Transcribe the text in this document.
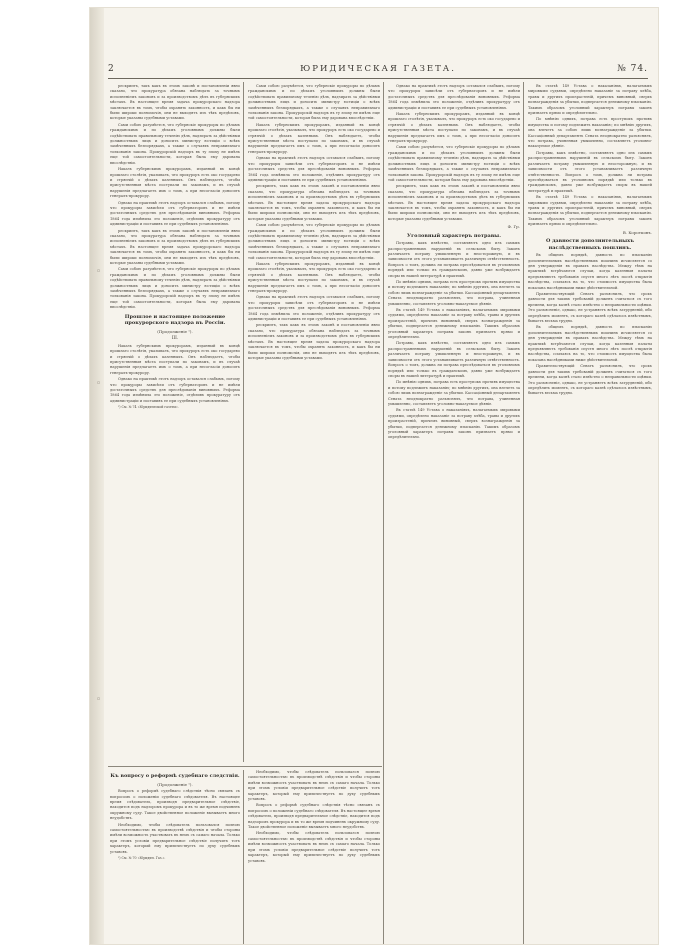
2	ЮРИДИЧЕСКАЯ ГАЗЕТА.	№ 74.

рескриптъ, такъ какъ въ этомъ законѣ и постановленіи явно сказано, что прокуратура обязана наблюдать за точнымъ исполненіемъ законовъ и за производствомъ дѣлъ въ губернскихъ мѣстахъ. Въ настоящее время задача прокурорскаго надзора заключается въ томъ, чтобы охранять законность, и какъ бы ни были широки полномочія, они не выходятъ изъ тѣхъ предѣловъ, которые указаны судебными уставами.

Сами собою разумѣется, что губернскіе прокуроры по дѣламъ гражданскимъ и по дѣламъ уголовнымъ должны были содѣйствовать правильному теченію дѣлъ, надзирать за дѣйствіями должностныхъ лицъ и доносить министру юстиціи о всѣхъ замѣченныхъ безпорядкахъ, а также о случаяхъ неправильнаго толкованія закона. Прокурорскій надзоръ въ ту эпоху не имѣлъ еще той самостоятельности, которая была ему дарована впослѣдствіи.

Наказъ губернскимъ прокурорамъ, изданный въ концѣ прошлаго столѣтія, указывалъ, что прокуроръ есть око государево и стряпчій о дѣлахъ казенныхъ. Онъ наблюдаетъ, чтобы присутственныя мѣста поступали по законамъ, и въ случаѣ нарушенія предлагаетъ имъ о томъ, а при несогласіи доноситъ генералъ-прокурору.

Однако на практикѣ этотъ надзоръ оставался слабымъ, потому что прокуроры зависѣли отъ губернаторовъ и не имѣли достаточныхъ средствъ для преслѣдованія виновныхъ. Реформа 1864 года измѣнила это положеніе, отдѣливъ прокуратуру отъ администраціи и поставивъ ее при судебныхъ установленіяхъ.

рескриптъ, такъ какъ въ этомъ законѣ и постановленіи явно сказано, что прокуратура обязана наблюдать за точнымъ исполненіемъ законовъ и за производствомъ дѣлъ въ губернскихъ мѣстахъ. Въ настоящее время задача прокурорскаго надзора заключается въ томъ, чтобы охранять законность, и какъ бы ни были широки полномочія, они не выходятъ изъ тѣхъ предѣловъ, которые указаны судебными уставами.

Сами собою разумѣется, что губернскіе прокуроры по дѣламъ гражданскимъ и по дѣламъ уголовнымъ должны были содѣйствовать правильному теченію дѣлъ, надзирать за дѣйствіями должностныхъ лицъ и доносить министру юстиціи о всѣхъ замѣченныхъ безпорядкахъ, а также о случаяхъ неправильнаго толкованія закона. Прокурорскій надзоръ въ ту эпоху не имѣлъ еще той самостоятельности, которая была ему дарована впослѣдствіи.

Прошлое и настоящее положение прокурорского надзора въ Россіи.
(Продолженіе ¹).
III.

Наказъ губернскимъ прокурорамъ, изданный въ концѣ прошлаго столѣтія, указывалъ, что прокуроръ есть око государево и стряпчій о дѣлахъ казенныхъ. Онъ наблюдаетъ, чтобы присутственныя мѣста поступали по законамъ, и въ случаѣ нарушенія предлагаетъ имъ о томъ, а при несогласіи доноситъ генералъ-прокурору.

Однако на практикѣ этотъ надзоръ оставался слабымъ, потому что прокуроры зависѣли отъ губернаторовъ и не имѣли достаточныхъ средствъ для преслѣдованія виновныхъ. Реформа 1864 года измѣнила это положеніе, отдѣливъ прокуратуру отъ администраціи и поставивъ ее при судебныхъ установленіяхъ.

¹) См. № 74 «Юридической газеты».

Сами собою разумѣется, что губернскіе прокуроры по дѣламъ гражданскимъ и по дѣламъ уголовнымъ должны были содѣйствовать правильному теченію дѣлъ, надзирать за дѣйствіями должностныхъ лицъ и доносить министру юстиціи о всѣхъ замѣченныхъ безпорядкахъ, а также о случаяхъ неправильнаго толкованія закона. Прокурорскій надзоръ въ ту эпоху не имѣлъ еще той самостоятельности, которая была ему дарована впослѣдствіи.

Наказъ губернскимъ прокурорамъ, изданный въ концѣ прошлаго столѣтія, указывалъ, что прокуроръ есть око государево и стряпчій о дѣлахъ казенныхъ. Онъ наблюдаетъ, чтобы присутственныя мѣста поступали по законамъ, и въ случаѣ нарушенія предлагаетъ имъ о томъ, а при несогласіи доноситъ генералъ-прокурору.

Однако на практикѣ этотъ надзоръ оставался слабымъ, потому что прокуроры зависѣли отъ губернаторовъ и не имѣли достаточныхъ средствъ для преслѣдованія виновныхъ. Реформа 1864 года измѣнила это положеніе, отдѣливъ прокуратуру отъ администраціи и поставивъ ее при судебныхъ установленіяхъ.

рескриптъ, такъ какъ въ этомъ законѣ и постановленіи явно сказано, что прокуратура обязана наблюдать за точнымъ исполненіемъ законовъ и за производствомъ дѣлъ въ губернскихъ мѣстахъ. Въ настоящее время задача прокурорскаго надзора заключается въ томъ, чтобы охранять законность, и какъ бы ни были широки полномочія, они не выходятъ изъ тѣхъ предѣловъ, которые указаны судебными уставами.

Сами собою разумѣется, что губернскіе прокуроры по дѣламъ гражданскимъ и по дѣламъ уголовнымъ должны были содѣйствовать правильному теченію дѣлъ, надзирать за дѣйствіями должностныхъ лицъ и доносить министру юстиціи о всѣхъ замѣченныхъ безпорядкахъ, а также о случаяхъ неправильнаго толкованія закона. Прокурорскій надзоръ въ ту эпоху не имѣлъ еще той самостоятельности, которая была ему дарована впослѣдствіи.

Наказъ губернскимъ прокурорамъ, изданный въ концѣ прошлаго столѣтія, указывалъ, что прокуроръ есть око государево и стряпчій о дѣлахъ казенныхъ. Онъ наблюдаетъ, чтобы присутственныя мѣста поступали по законамъ, и въ случаѣ нарушенія предлагаетъ имъ о томъ, а при несогласіи доноситъ генералъ-прокурору.

Однако на практикѣ этотъ надзоръ оставался слабымъ, потому что прокуроры зависѣли отъ губернаторовъ и не имѣли достаточныхъ средствъ для преслѣдованія виновныхъ. Реформа 1864 года измѣнила это положеніе, отдѣливъ прокуратуру отъ администраціи и поставивъ ее при судебныхъ установленіяхъ.

рескриптъ, такъ какъ въ этомъ законѣ и постановленіи явно сказано, что прокуратура обязана наблюдать за точнымъ исполненіемъ законовъ и за производствомъ дѣлъ въ губернскихъ мѣстахъ. Въ настоящее время задача прокурорскаго надзора заключается въ томъ, чтобы охранять законность, и какъ бы ни были широки полномочія, они не выходятъ изъ тѣхъ предѣловъ, которые указаны судебными уставами.

Однако на практикѣ этотъ надзоръ оставался слабымъ, потому что прокуроры зависѣли отъ губернаторовъ и не имѣли достаточныхъ средствъ для преслѣдованія виновныхъ. Реформа 1864 года измѣнила это положеніе, отдѣливъ прокуратуру отъ администраціи и поставивъ ее при судебныхъ установленіяхъ.

Наказъ губернскимъ прокурорамъ, изданный въ концѣ прошлаго столѣтія, указывалъ, что прокуроръ есть око государево и стряпчій о дѣлахъ казенныхъ. Онъ наблюдаетъ, чтобы присутственныя мѣста поступали по законамъ, и въ случаѣ нарушенія предлагаетъ имъ о томъ, а при несогласіи доноситъ генералъ-прокурору.

Сами собою разумѣется, что губернскіе прокуроры по дѣламъ гражданскимъ и по дѣламъ уголовнымъ должны были содѣйствовать правильному теченію дѣлъ, надзирать за дѣйствіями должностныхъ лицъ и доносить министру юстиціи о всѣхъ замѣченныхъ безпорядкахъ, а также о случаяхъ неправильнаго толкованія закона. Прокурорскій надзоръ въ ту эпоху не имѣлъ еще той самостоятельности, которая была ему дарована впослѣдствіи.

рескриптъ, такъ какъ въ этомъ законѣ и постановленіи явно сказано, что прокуратура обязана наблюдать за точнымъ исполненіемъ законовъ и за производствомъ дѣлъ въ губернскихъ мѣстахъ. Въ настоящее время задача прокурорскаго надзора заключается въ томъ, чтобы охранять законность, и какъ бы ни были широки полномочія, они не выходятъ изъ тѣхъ предѣловъ, которые указаны судебными уставами.

Ф. Гр.
Уголовный характеръ потравы.

Потравы, какъ извѣстно, составляютъ одно изъ самыхъ распространенныхъ нарушеній въ сельскомъ быту. Законъ различаетъ потраву умышленную и неосторожную, и въ зависимости отъ этого устанавливаетъ различную отвѣтственность. Вопросъ о томъ, должна ли потрава преслѣдоваться въ уголовномъ порядкѣ или только въ гражданскомъ, давно уже возбуждаетъ споры въ нашей литературѣ и практикѣ.

По мнѣнію однихъ, потрава есть проступокъ противъ имущества и потому подлежитъ наказанію; по мнѣнію другихъ, она влечетъ за собою лишь вознагражденіе за убытки. Кассаціонный департаментъ Сената неоднократно разъяснялъ, что потрава, учиненная умышленно, составляетъ уголовно-наказуемое дѣяніе.

Въ статьѣ 149 Устава о наказаніяхъ, налагаемыхъ мировыми судьями, опредѣлено наказаніе за потраву хлѣба, травы и другихъ произрастеній, причемъ виновный, сверхъ вознагражденія за убытки, подвергается денежному взысканію. Такимъ образомъ уголовный характеръ потравы законъ признаетъ прямо и опредѣлительно.

Потравы, какъ извѣстно, составляютъ одно изъ самыхъ распространенныхъ нарушеній въ сельскомъ быту. Законъ различаетъ потраву умышленную и неосторожную, и въ зависимости отъ этого устанавливаетъ различную отвѣтственность. Вопросъ о томъ, должна ли потрава преслѣдоваться въ уголовномъ порядкѣ или только въ гражданскомъ, давно уже возбуждаетъ споры въ нашей литературѣ и практикѣ.

По мнѣнію однихъ, потрава есть проступокъ противъ имущества и потому подлежитъ наказанію; по мнѣнію другихъ, она влечетъ за собою лишь вознагражденіе за убытки. Кассаціонный департаментъ Сената неоднократно разъяснялъ, что потрава, учиненная умышленно, составляетъ уголовно-наказуемое дѣяніе.

Въ статьѣ 149 Устава о наказаніяхъ, налагаемыхъ мировыми судьями, опредѣлено наказаніе за потраву хлѣба, травы и другихъ произрастеній, причемъ виновный, сверхъ вознагражденія за убытки, подвергается денежному взысканію. Такимъ образомъ уголовный характеръ потравы законъ признаетъ прямо и опредѣлительно.

Въ статьѣ 149 Устава о наказаніяхъ, налагаемыхъ мировыми судьями, опредѣлено наказаніе за потраву хлѣба, травы и другихъ произрастеній, причемъ виновный, сверхъ вознагражденія за убытки, подвергается денежному взысканію. Такимъ образомъ уголовный характеръ потравы законъ признаетъ прямо и опредѣлительно.

По мнѣнію однихъ, потрава есть проступокъ противъ имущества и потому подлежитъ наказанію; по мнѣнію другихъ, она влечетъ за собою лишь вознагражденіе за убытки. Кассаціонный департаментъ Сената неоднократно разъяснялъ, что потрава, учиненная умышленно, составляетъ уголовно-наказуемое дѣяніе.

Потравы, какъ извѣстно, составляютъ одно изъ самыхъ распространенныхъ нарушеній въ сельскомъ быту. Законъ различаетъ потраву умышленную и неосторожную, и въ зависимости отъ этого устанавливаетъ различную отвѣтственность. Вопросъ о томъ, должна ли потрава преслѣдоваться въ уголовномъ порядкѣ или только въ гражданскомъ, давно уже возбуждаетъ споры въ нашей литературѣ и практикѣ.

Въ статьѣ 149 Устава о наказаніяхъ, налагаемыхъ мировыми судьями, опредѣлено наказаніе за потраву хлѣба, травы и другихъ произрастеній, причемъ виновный, сверхъ вознагражденія за убытки, подвергается денежному взысканію. Такимъ образомъ уголовный характеръ потравы законъ признаетъ прямо и опредѣлительно.

В. Коротковъ.
О давности дополнительныхъ наслѣдственныхъ пошлинъ.

Въ общемъ порядкѣ, давность по взысканію дополнительныхъ наслѣдственныхъ пошлинъ исчисляется со дня утвержденія въ правахъ наслѣдства. Между тѣмъ на практикѣ встрѣчаются случаи, когда казенныя палаты предъявляютъ требованія спустя много лѣтъ послѣ открытія наслѣдства, ссылаясь на то, что стоимость имущества была показана наслѣдниками ниже дѣйствительной.

Правительствующій Сенатъ разъяснилъ, что срокъ давности для такихъ требованій долженъ считаться съ того времени, когда казнѣ стало извѣстно о неправильности оцѣнки. Это разъясненіе, однако, не устраняетъ всѣхъ затрудненій, ибо опредѣлить моментъ, съ котораго казнѣ сдѣлалось извѣстнымъ, бываетъ весьма трудно.

Въ общемъ порядкѣ, давность по взысканію дополнительныхъ наслѣдственныхъ пошлинъ исчисляется со дня утвержденія въ правахъ наслѣдства. Между тѣмъ на практикѣ встрѣчаются случаи, когда казенныя палаты предъявляютъ требованія спустя много лѣтъ послѣ открытія наслѣдства, ссылаясь на то, что стоимость имущества была показана наслѣдниками ниже дѣйствительной.

Правительствующій Сенатъ разъяснилъ, что срокъ давности для такихъ требованій долженъ считаться съ того времени, когда казнѣ стало извѣстно о неправильности оцѣнки. Это разъясненіе, однако, не устраняетъ всѣхъ затрудненій, ибо опредѣлить моментъ, съ котораго казнѣ сдѣлалось извѣстнымъ, бываетъ весьма трудно.

Къ вопросу о реформѣ судебнаго следствія.
(Продолженіе ¹).

Вопросъ о реформѣ судебнаго слѣдствія тѣсно связанъ съ вопросомъ о положеніи судебнаго слѣдователя. Въ настоящее время слѣдователь, производя предварительное слѣдствіе, находится подъ надзоромъ прокурора и въ то же время подчиненъ окружному суду. Такое двойственное положеніе вызываетъ много неудобствъ.

Необходимо, чтобы слѣдователь пользовался полною самостоятельностью въ производствѣ слѣдствія и чтобы стороны имѣли возможность участвовать въ немъ съ самаго начала. Только при этомъ условіи предварительное слѣдствіе получитъ тотъ характеръ, который ему приличествуетъ по духу судебныхъ уставовъ.

¹) См. № 70 «Юридич. Газ.».

Необходимо, чтобы слѣдователь пользовался полною самостоятельностью въ производствѣ слѣдствія и чтобы стороны имѣли возможность участвовать въ немъ съ самаго начала. Только при этомъ условіи предварительное слѣдствіе получитъ тотъ характеръ, который ему приличествуетъ по духу судебныхъ уставовъ.

Вопросъ о реформѣ судебнаго слѣдствія тѣсно связанъ съ вопросомъ о положеніи судебнаго слѣдователя. Въ настоящее время слѣдователь, производя предварительное слѣдствіе, находится подъ надзоромъ прокурора и въ то же время подчиненъ окружному суду. Такое двойственное положеніе вызываетъ много неудобствъ.

Необходимо, чтобы слѣдователь пользовался полною самостоятельностью въ производствѣ слѣдствія и чтобы стороны имѣли возможность участвовать въ немъ съ самаго начала. Только при этомъ условіи предварительное слѣдствіе получитъ тотъ характеръ, который ему приличествуетъ по духу судебныхъ уставовъ.

◦
◦
◦
